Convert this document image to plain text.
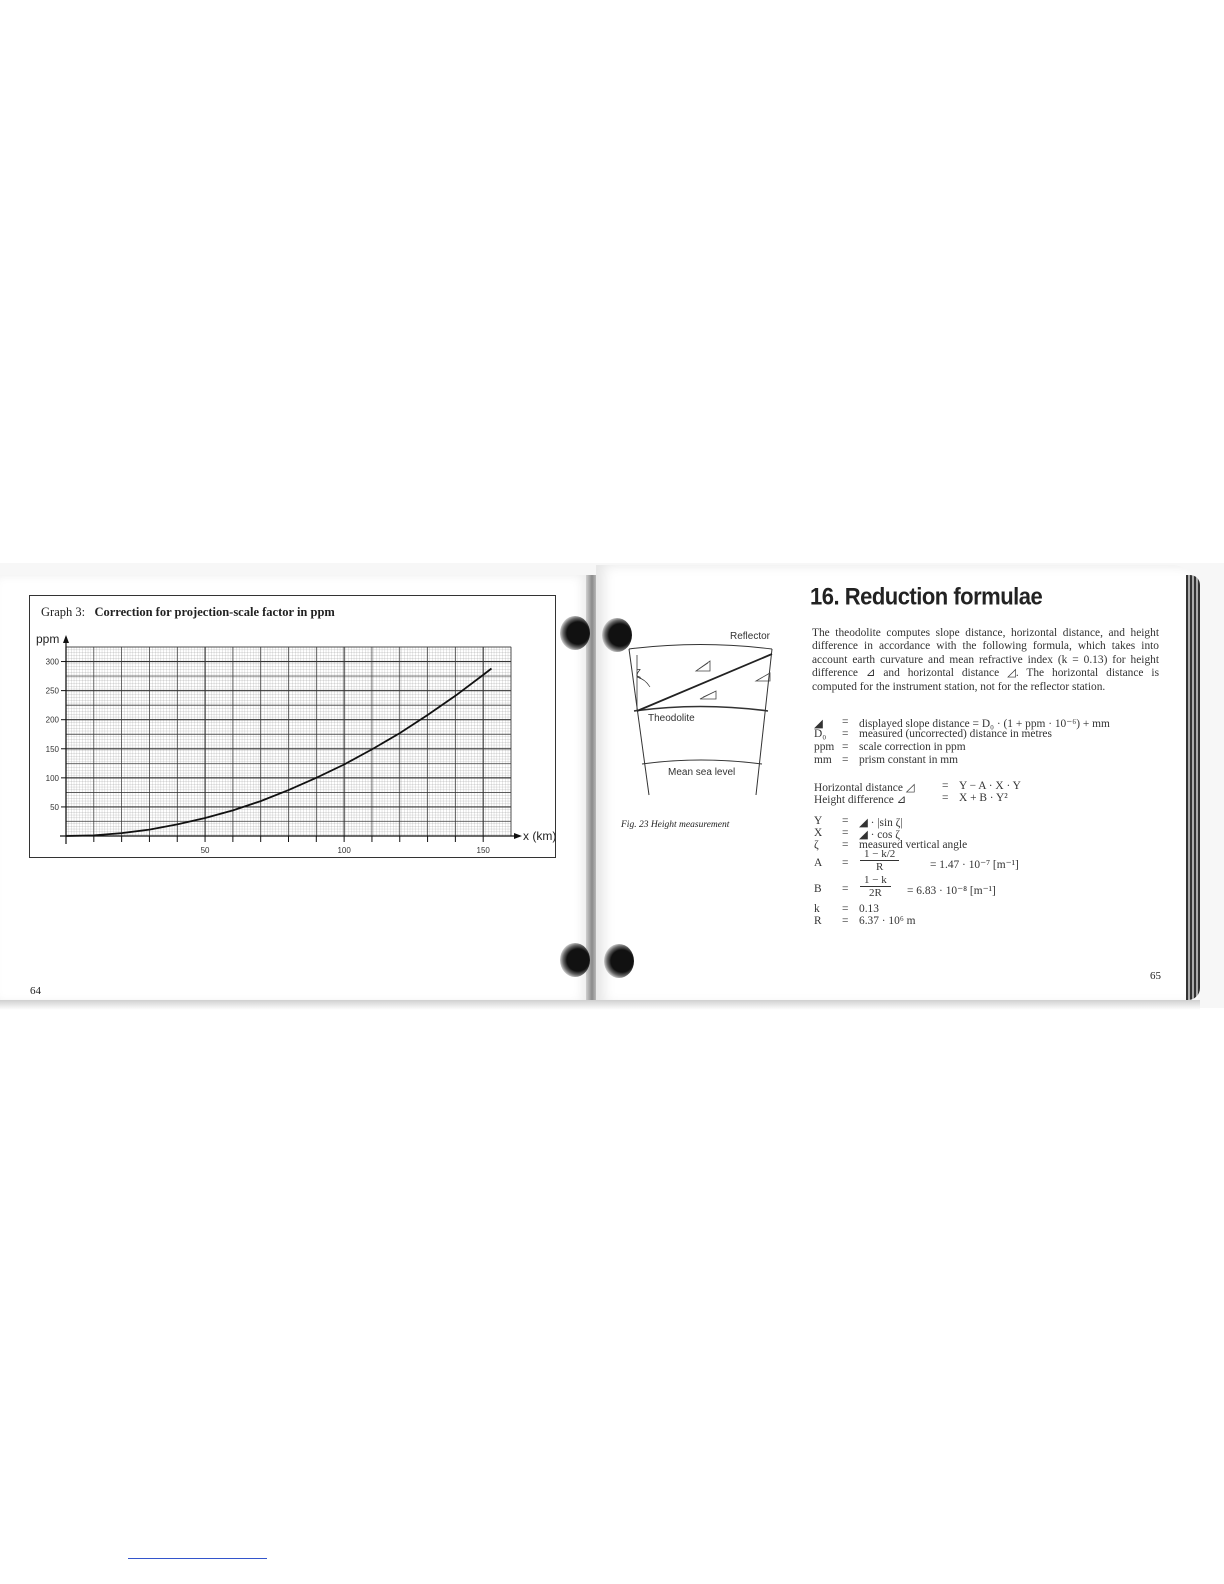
Graph 3: Correction for projection-scale factor in ppm
50	100	150
50
100
150
200
250
300
ppm
x (km)
64
ζ
Reflector
Theodolite
Mean sea level
Fig. 23 Height measurement
16. Reduction formulae
The theodolite computes slope distance, horizontal distance, and height difference in accordance with the following formula, which takes into account earth curvature and mean refractive index (k = 0.13) for height difference ⊿ and horizontal distance ◿. The horizontal distance is computed for the instrument station, not for the reflector station.
◢ = displayed slope distance = D₀ · (1 + ppm · 10⁻⁶) + mm
D₀ = measured (uncorrected) distance in metres
ppm = scale correction in ppm
mm = prism constant in mm
Horizontal distance ◿ = Y − A · X · Y
Height difference ⊿	= X + B · Y²
Y = ◢ · |sin ζ|
X = ◢ · cos ζ
ζ = measured vertical angle
$A = \frac{1 - k/2}{R}$	= 1.47 · 10⁻⁷ [m⁻¹]
$B = \frac{1 - k}{2R} = 6.83 \cdot 10^{-8}$ [m⁻¹]
k = 0.13
R = 6.37 · 10⁶ m
65
